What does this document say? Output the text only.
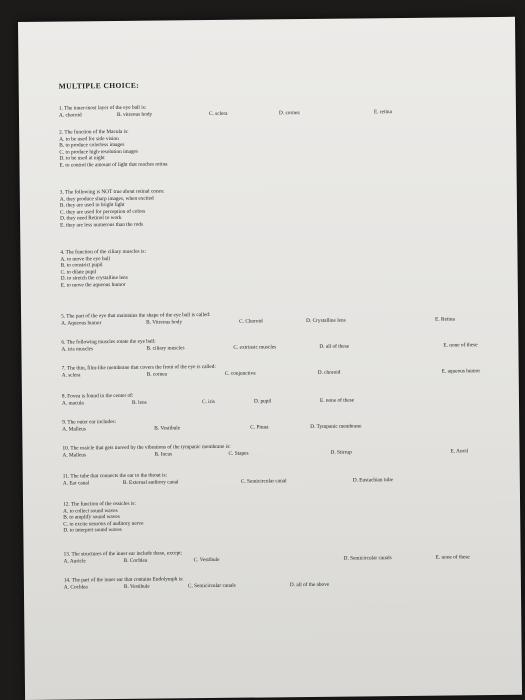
MULTIPLE CHOICE:
1. The inner-most layer of the eye ball is:
A. choroid	B. vitreous body	C. sclera	D. cornea	E. retina
2. The function of the Macula is:
A. to be used for side vision
B. to produce colorless images
C. to produce high-resolution images
D. to be used at night
E. to control the amount of light that reaches retina
3. The following is NOT true about retinal cones:
A. they produce sharp images, when excited
B. they are used in bright light
C. they are used for perception of colors
D. they need Retinol to work
E. they are less numerous than the rods
4. The function of the ciliary muscles is:
A. to move the eye ball
B. to constrict pupil
C. to dilate pupil
D. to stretch the crystalline lens
E. to move the aqueous humor
5. The part of the eye that maintains the shape of the eye ball is called:
A. Aqueous humor	B. Vitreous body	C. Choroid	D. Crystalline lens	E. Retina
6. The following muscles rotate the eye ball:
A. iris muscles	B. ciliary muscles	C. extrinsic muscles	D. all of these	E. none of these
7. The thin, film-like membrane that covers the front of the eye is called:
A. sclera	B. cornea	C. conjunctiva	D. choroid	E. aqueous humor
8. Fovea is found in the center of:
A. macula	B. lens	C. iris	D. pupil	E. none of these
9. The outer ear includes:
A. Malleus	B. Vestibule	C. Pinna	D. Tympanic membrane
10. The ossicle that gets moved by the vibrations of the tympanic membrane is:
A. Malleus	B. Incus	C. Stapes	D. Stirrup	E. Anvil
11. The tube that connects the ear to the throat is:
A. Ear canal	B. External auditory canal	C. Semicircular canal	D. Eustachian tube
12. The function of the ossicles is:
A. to collect sound waves
B. to amplify sound waves
C. to excite neurons of auditory nerve
D. to interpret sound waves
13. The structures of the inner ear include these, except:
A. Auricle	B. Cochlea	C. Vestibule	D. Semicircular canals	E. none of these
14. The part of the inner ear that contains Endolymph is:
A. Cochlea	B. Vestibule	C. Semicircular canals	D. all of the above
